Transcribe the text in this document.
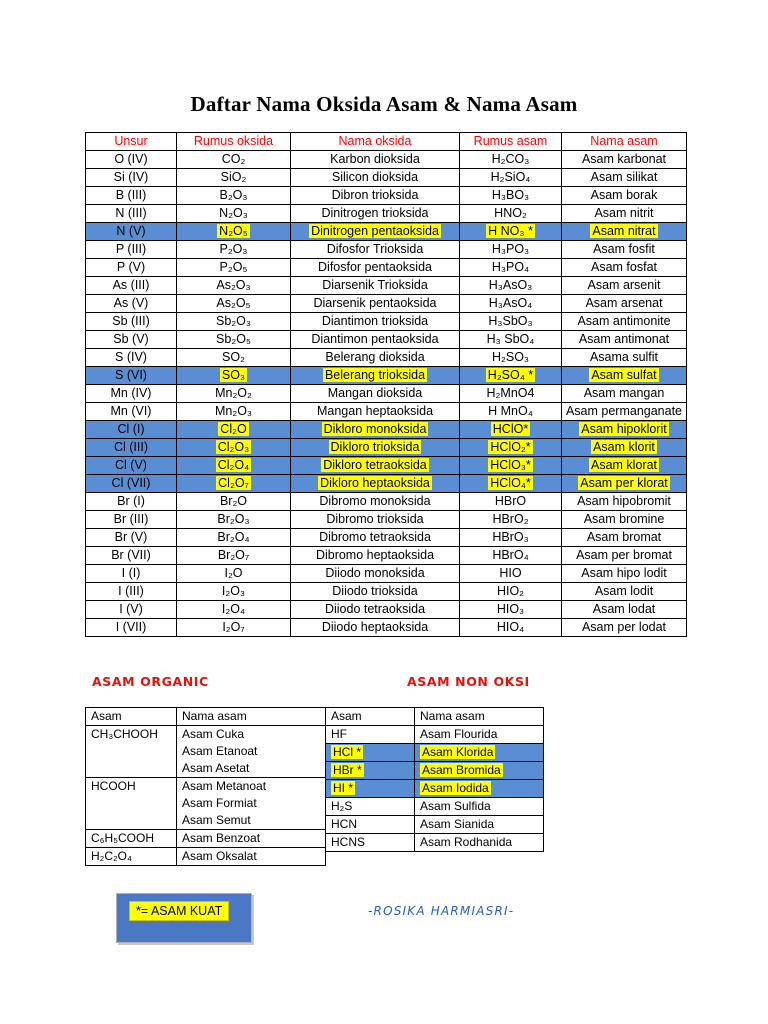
Daftar Nama Oksida Asam & Nama Asam
Unsur	Rumus oksida	Nama oksida	Rumus asam	Nama asam
O (IV)	CO₂	Karbon dioksida	H₂CO₃	Asam karbonat
Si (IV)	SiO₂	Silicon dioksida	H₂SiO₄	Asam silikat
B (III)	B₂O₃	Dibron trioksida	H₃BO₃	Asam borak
N (III)	N₂O₃	Dinitrogen trioksida	HNO₂	Asam nitrit
N (V)	N₂O₅	Dinitrogen pentaoksida	H NO₃ *	Asam nitrat
P (III)	P₂O₃	Difosfor Trioksida	H₃PO₃	Asam fosfit
P (V)	P₂O₅	Difosfor pentaoksida	H₃PO₄	Asam fosfat
As (III)	As₂O₃	Diarsenik Trioksida	H₃AsO₃	Asam arsenit
As (V)	As₂O₅	Diarsenik pentaoksida	H₃AsO₄	Asam arsenat
Sb (III)	Sb₂O₃	Diantimon trioksida	H₃SbO₃	Asam antimonite
Sb (V)	Sb₂O₅	Diantimon pentaoksida	H₃ SbO₄	Asam antimonat
S (IV)	SO₂	Belerang dioksida	H₂SO₃	Asama sulfit
S (VI)	SO₃	Belerang trioksida	H₂SO₄ *	Asam sulfat
Mn (IV)	Mn₂O₂	Mangan dioksida	H₂MnO4	Asam mangan
Mn (VI)	Mn₂O₃	Mangan heptaoksida	H MnO₄	Asam permanganate
Cl (I)	Cl₂O	Dikloro monoksida	HClO*	Asam hipoklorit
Cl (III)	Cl₂O₃	Dikloro trioksida	HClO₂*	Asam klorit
Cl (V)	Cl₂O₄	Dikloro tetraoksida	HClO₃*	Asam klorat
Cl (VII)	Cl₂O₇	Dikloro heptaoksida	HClO₄*	Asam per klorat
Br (I)	Br₂O	Dibromo monoksida	HBrO	Asam hipobromit
Br (III)	Br₂O₃	Dibromo trioksida	HBrO₂	Asam bromine
Br (V)	Br₂O₄	Dibromo tetraoksida	HBrO₃	Asam bromat
Br (VII)	Br₂O₇	Dibromo heptaoksida	HBrO₄	Asam per bromat
I (I)	I₂O	Diiodo monoksida	HIO	Asam hipo lodit
I (III)	I₂O₃	Diiodo trioksida	HIO₂	Asam lodit
I (V)	I₂O₄	Diiodo tetraoksida	HIO₃	Asam lodat
I (VII)	I₂O₇	Diiodo heptaoksida	HIO₄	Asam per lodat
ASAM ORGANIC	ASAM NON OKSI
Asam	Nama asam
CH₃CHOOH	Asam Cuka
	Asam Etanoat
	Asam Asetat
HCOOH	Asam Metanoat
	Asam Formiat
	Asam Semut
C₆H₅COOH	Asam Benzoat
H₂C₂O₄	Asam Oksalat
Asam	Nama asam
HF	Asam Flourida
HCl *	Asam Klorida
HBr *	Asam Bromida
HI *	Asam Iodida
H₂S	Asam Sulfida
HCN	Asam Sianida
HCNS	Asam Rodhanida
*= ASAM KUAT	-ROSIKA HARMIASRI-
